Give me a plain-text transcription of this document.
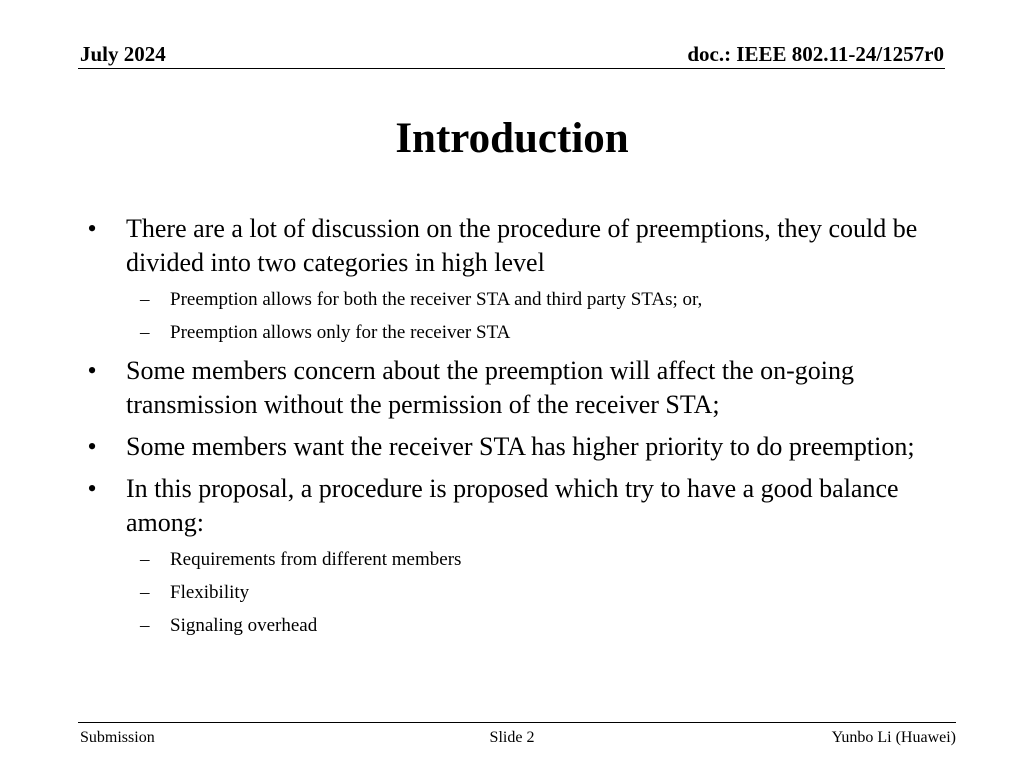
July 2024	doc.: IEEE 802.11-24/1257r0
Introduction
• There are a lot of discussion on the procedure of preemptions, they could be divided into two categories in high level
– Preemption allows for both the receiver STA and third party STAs; or,
– Preemption allows only for the receiver STA
• Some members concern about the preemption will affect the on-going transmission without the permission of the receiver STA;
• Some members want the receiver STA has higher priority to do preemption;
• In this proposal, a procedure is proposed which try to have a good balance among:
– Requirements from different members
– Flexibility
– Signaling overhead
Submission	Slide 2	Yunbo Li (Huawei)
